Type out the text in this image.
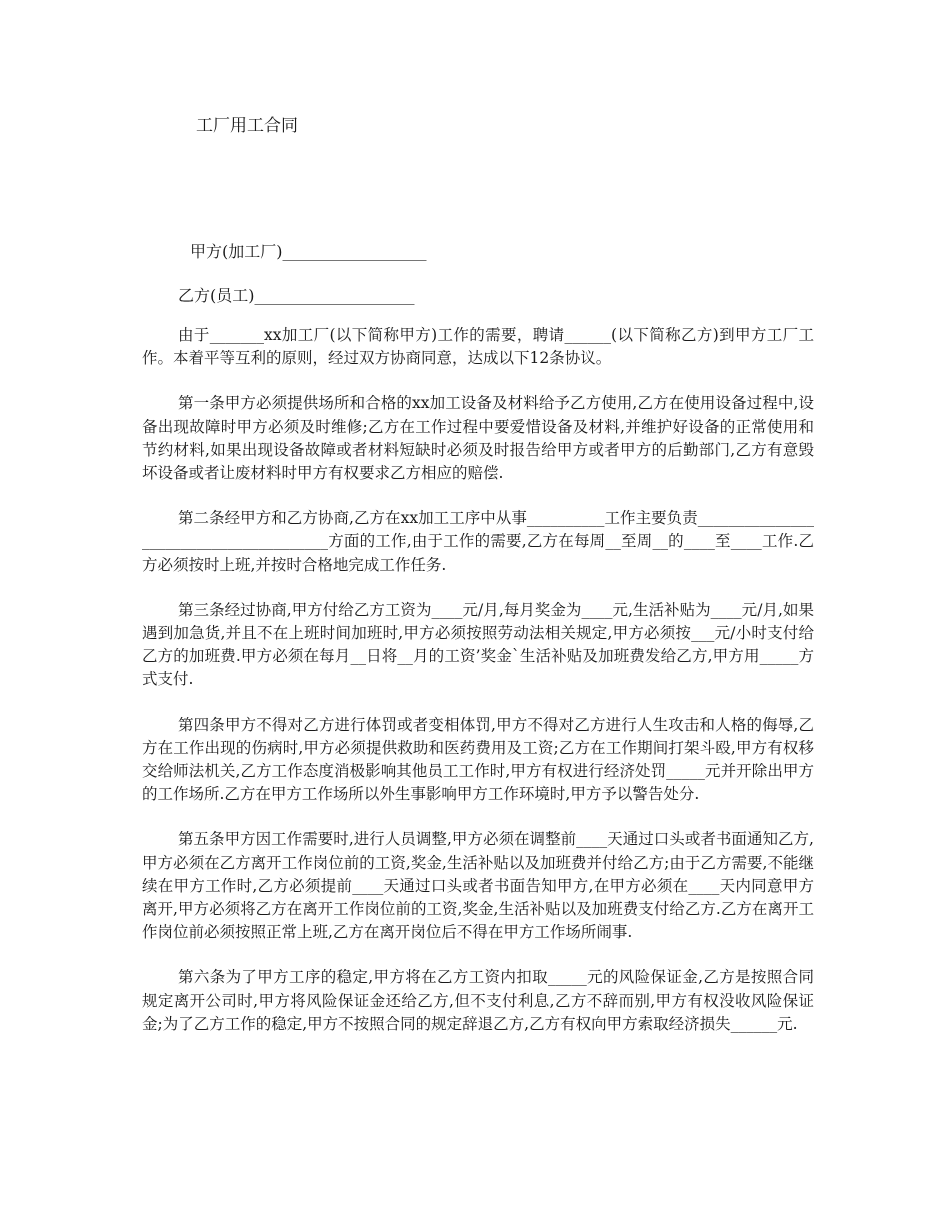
工厂用工合同
甲方(加工厂)__________________
乙方(员工)____________________

由于_______xx加工厂(以下简称甲方)工作的需要，聘请______(以下简称乙方)到甲方工厂工作。本着平等互利的原则，经过双方协商同意，达成以下12条协议。

第一条甲方必须提供场所和合格的xx加工设备及材料给予乙方使用,乙方在使用设备过程中,设备出现故障时甲方必须及时维修;乙方在工作过程中要爱惜设备及材料,并维护好设备的正常使用和节约材料,如果出现设备故障或者材料短缺时必须及时报告给甲方或者甲方的后勤部门,乙方有意毁坏设备或者让废材料时甲方有权要求乙方相应的赔偿.

第二条经甲方和乙方协商,乙方在xx加工工序中从事__________工作主要负责_______________________________________方面的工作,由于工作的需要,乙方在每周__至周__的____至____工作.乙方必须按时上班,并按时合格地完成工作任务.

第三条经过协商,甲方付给乙方工资为____元/月,每月奖金为____元,生活补贴为____元/月,如果遇到加急货,并且不在上班时间加班时,甲方必须按照劳动法相关规定,甲方必须按___元/小时支付给乙方的加班费.甲方必须在每月__日将__月的工资’奖金`生活补贴及加班费发给乙方,甲方用_____方式支付.

第四条甲方不得对乙方进行体罚或者变相体罚,甲方不得对乙方进行人生攻击和人格的侮辱,乙方在工作出现的伤病时,甲方必须提供救助和医药费用及工资;乙方在工作期间打架斗殴,甲方有权移交给师法机关,乙方工作态度消极影响其他员工工作时,甲方有权进行经济处罚_____元并开除出甲方的工作场所.乙方在甲方工作场所以外生事影响甲方工作环境时,甲方予以警告处分.

第五条甲方因工作需要时,进行人员调整,甲方必须在调整前____天通过口头或者书面通知乙方,甲方必须在乙方离开工作岗位前的工资,奖金,生活补贴以及加班费并付给乙方;由于乙方需要,不能继续在甲方工作时,乙方必须提前____天通过口头或者书面告知甲方,在甲方必须在____天内同意甲方离开,甲方必须将乙方在离开工作岗位前的工资,奖金,生活补贴以及加班费支付给乙方.乙方在离开工作岗位前必须按照正常上班,乙方在离开岗位后不得在甲方工作场所闹事.

第六条为了甲方工序的稳定,甲方将在乙方工资内扣取_____元的风险保证金,乙方是按照合同规定离开公司时,甲方将风险保证金还给乙方,但不支付利息,乙方不辞而别,甲方有权没收风险保证金;为了乙方工作的稳定,甲方不按照合同的规定辞退乙方,乙方有权向甲方索取经济损失______元.
